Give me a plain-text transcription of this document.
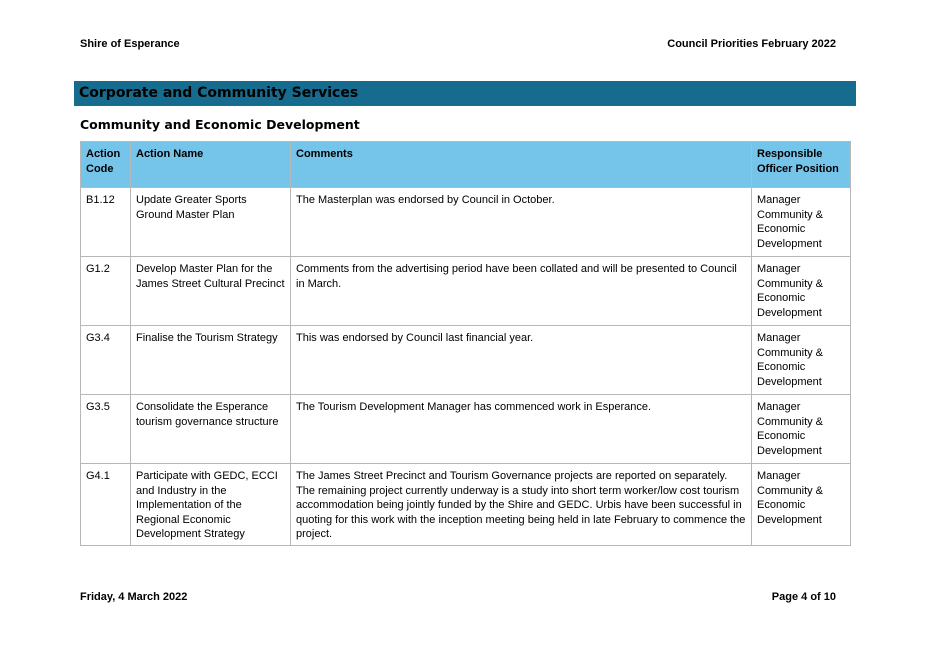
Shire of Esperance	Council Priorities February 2022
Corporate and Community Services
Community and Economic Development
Action Code	Action Name	Comments	Responsible Officer Position
B1.12	Update Greater Sports Ground Master Plan	The Masterplan was endorsed by Council in October.	Manager Community & Economic Development
G1.2	Develop Master Plan for the James Street Cultural Precinct	Comments from the advertising period have been collated and will be presented to Council in March.	Manager Community & Economic Development
G3.4	Finalise the Tourism Strategy	This was endorsed by Council last financial year.	Manager Community & Economic Development
G3.5	Consolidate the Esperance tourism governance structure	The Tourism Development Manager has commenced work in Esperance.	Manager Community & Economic Development
G4.1	Participate with GEDC, ECCI and Industry in the Implementation of the Regional Economic Development Strategy	The James Street Precinct and Tourism Governance projects are reported on separately. The remaining project currently underway is a study into short term worker/low cost tourism accommodation being jointly funded by the Shire and GEDC. Urbis have been successful in quoting for this work with the inception meeting being held in late February to commence the project.	Manager Community & Economic Development
Friday, 4 March 2022	Page 4 of 10
